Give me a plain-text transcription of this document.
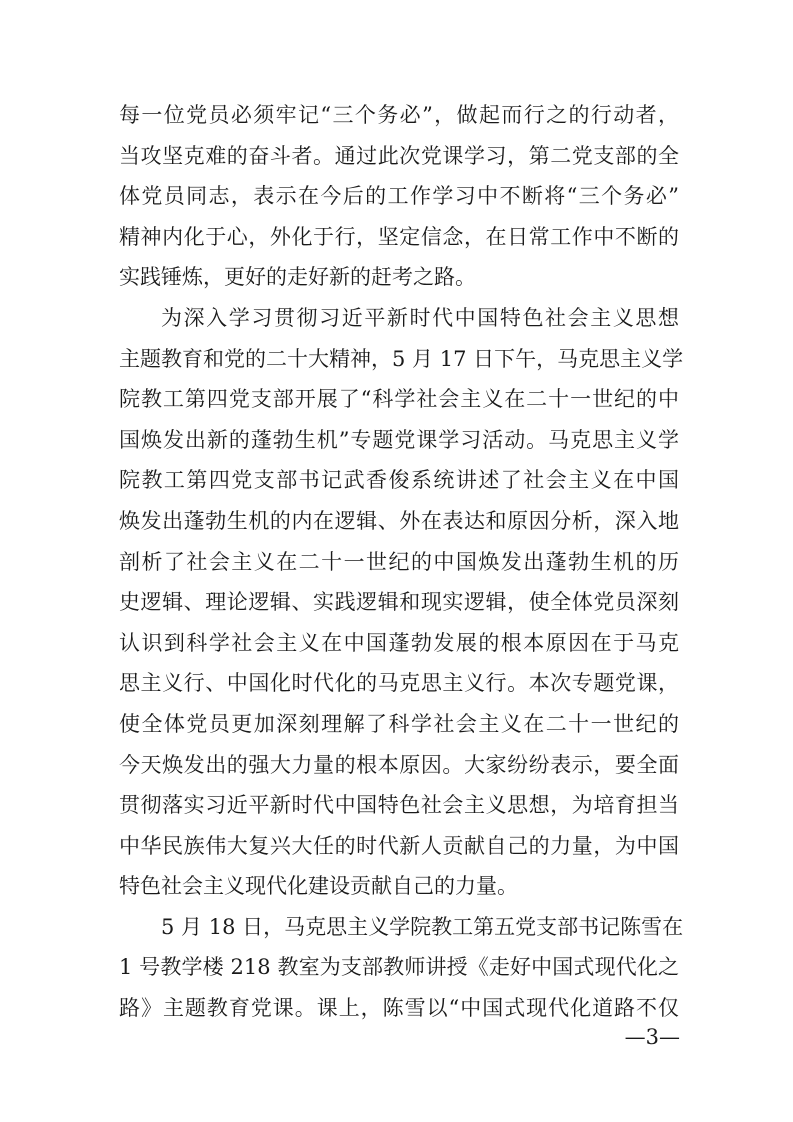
每一位党员必须牢记“三个务必”，做起而行之的行动者，
当攻坚克难的奋斗者。通过此次党课学习，第二党支部的全
体党员同志，表示在今后的工作学习中不断将“三个务必”
精神内化于心，外化于行，坚定信念，在日常工作中不断的
实践锤炼，更好的走好新的赶考之路。
为深入学习贯彻习近平新时代中国特色社会主义思想
主题教育和党的二十大精神，5 月 17 日下午，马克思主义学
院教工第四党支部开展了“科学社会主义在二十一世纪的中
国焕发出新的蓬勃生机”专题党课学习活动。马克思主义学
院教工第四党支部书记武香俊系统讲述了社会主义在中国
焕发出蓬勃生机的内在逻辑、外在表达和原因分析，深入地
剖析了社会主义在二十一世纪的中国焕发出蓬勃生机的历
史逻辑、理论逻辑、实践逻辑和现实逻辑，使全体党员深刻
认识到科学社会主义在中国蓬勃发展的根本原因在于马克
思主义行、中国化时代化的马克思主义行。本次专题党课，
使全体党员更加深刻理解了科学社会主义在二十一世纪的
今天焕发出的强大力量的根本原因。大家纷纷表示，要全面
贯彻落实习近平新时代中国特色社会主义思想，为培育担当
中华民族伟大复兴大任的时代新人贡献自己的力量，为中国
特色社会主义现代化建设贡献自己的力量。
5 月 18 日，马克思主义学院教工第五党支部书记陈雪在
1 号教学楼 218 教室为支部教师讲授《走好中国式现代化之
路》主题教育党课。课上，陈雪以“中国式现代化道路不仅
—3—
